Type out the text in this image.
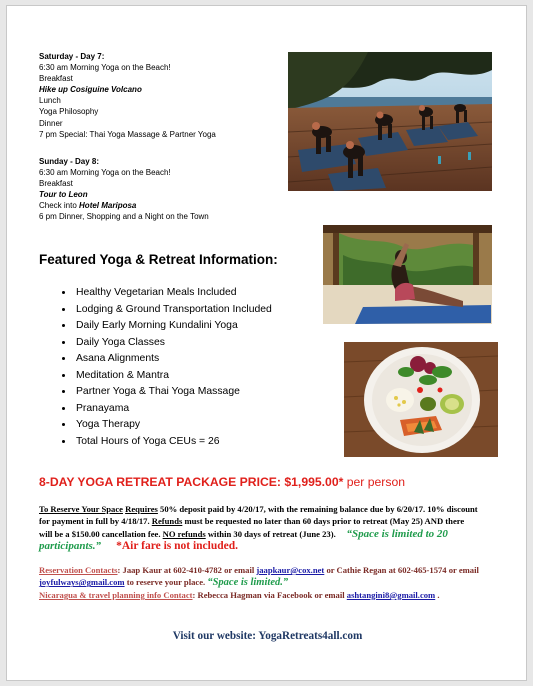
Saturday - Day 7:
6:30 am Morning Yoga on the Beach!
Breakfast
Hike up Cosiguine Volcano
Lunch
Yoga Philosophy
Dinner
7 pm Special: Thai Yoga Massage & Partner Yoga
Sunday - Day 8:
6:30 am Morning Yoga on the Beach!
Breakfast
Tour to Leon
Check into Hotel Mariposa
6 pm Dinner, Shopping and a Night on the Town
Featured Yoga & Retreat Information:
• Healthy Vegetarian Meals Included
• Lodging & Ground Transportation Included
• Daily Early Morning Kundalini Yoga
• Daily Yoga Classes
• Asana Alignments
• Meditation & Mantra
• Partner Yoga & Thai Yoga Massage
• Pranayama
• Yoga Therapy
• Total Hours of Yoga CEUs = 26
8-DAY YOGA RETREAT PACKAGE PRICE: $1,995.00* per person
To Reserve Your Space Requires 50% deposit paid by 4/20/17, with the remaining balance due by 6/20/17. 10% discount for payment in full by 4/18/17. Refunds must be requested no later than 60 days prior to retreat (May 25) AND there will be a $150.00 cancellation fee. NO refunds within 30 days of retreat (June 23). “Space is limited to 20 participants.” *Air fare is not included.
Reservation Contacts: Jaap Kaur at 602-410-4782 or email jaapkaur@cox.net or Cathie Regan at 602-465-1574 or email joyfulways@gmail.com to reserve your place. “Space is limited.”
Nicaragua & travel planning info Contact: Rebecca Hagman via Facebook or email ashtangini8@gmail.com .
Visit our website: YogaRetreats4all.com
